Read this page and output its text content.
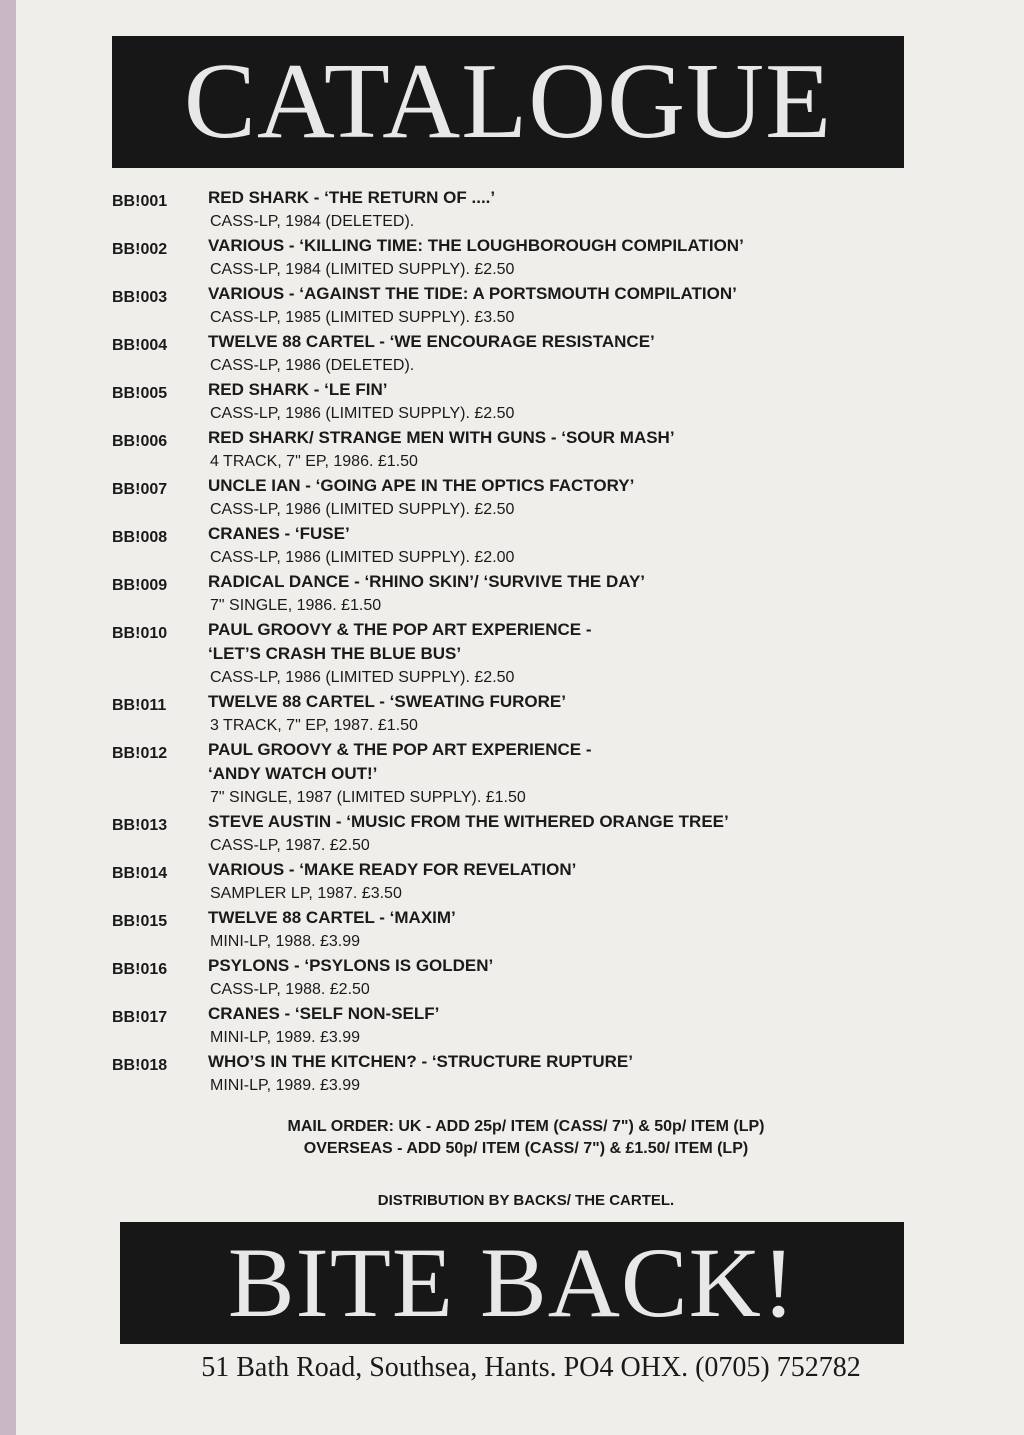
CATALOGUE
BB!001	RED SHARK - ‘THE RETURN OF ....’
CASS-LP, 1984 (DELETED).
BB!002	VARIOUS - ‘KILLING TIME: THE LOUGHBOROUGH COMPILATION’
CASS-LP, 1984 (LIMITED SUPPLY). £2.50
BB!003	VARIOUS - ‘AGAINST THE TIDE: A PORTSMOUTH COMPILATION’
CASS-LP, 1985 (LIMITED SUPPLY). £3.50
BB!004	TWELVE 88 CARTEL - ‘WE ENCOURAGE RESISTANCE’
CASS-LP, 1986 (DELETED).
BB!005	RED SHARK - ‘LE FIN’
CASS-LP, 1986 (LIMITED SUPPLY). £2.50
BB!006	RED SHARK/ STRANGE MEN WITH GUNS - ‘SOUR MASH’
4 TRACK, 7" EP, 1986. £1.50
BB!007	UNCLE IAN - ‘GOING APE IN THE OPTICS FACTORY’
CASS-LP, 1986 (LIMITED SUPPLY). £2.50
BB!008	CRANES - ‘FUSE’
CASS-LP, 1986 (LIMITED SUPPLY). £2.00
BB!009	RADICAL DANCE - ‘RHINO SKIN’/ ‘SURVIVE THE DAY’
7" SINGLE, 1986. £1.50
BB!010	PAUL GROOVY & THE POP ART EXPERIENCE -
‘LET’S CRASH THE BLUE BUS’
CASS-LP, 1986 (LIMITED SUPPLY). £2.50
BB!011	TWELVE 88 CARTEL - ‘SWEATING FURORE’
3 TRACK, 7" EP, 1987. £1.50
BB!012	PAUL GROOVY & THE POP ART EXPERIENCE -
‘ANDY WATCH OUT!’
7" SINGLE, 1987 (LIMITED SUPPLY). £1.50
BB!013	STEVE AUSTIN - ‘MUSIC FROM THE WITHERED ORANGE TREE’
CASS-LP, 1987. £2.50
BB!014	VARIOUS - ‘MAKE READY FOR REVELATION’
SAMPLER LP, 1987. £3.50
BB!015	TWELVE 88 CARTEL - ‘MAXIM’
MINI-LP, 1988. £3.99
BB!016	PSYLONS - ‘PSYLONS IS GOLDEN’
CASS-LP, 1988. £2.50
BB!017	CRANES - ‘SELF NON-SELF’
MINI-LP, 1989. £3.99
BB!018	WHO’S IN THE KITCHEN? - ‘STRUCTURE RUPTURE’
MINI-LP, 1989. £3.99
MAIL ORDER: UK - ADD 25p/ ITEM (CASS/ 7") & 50p/ ITEM (LP)
OVERSEAS - ADD 50p/ ITEM (CASS/ 7") & £1.50/ ITEM (LP)
DISTRIBUTION BY BACKS/ THE CARTEL.
BITE BACK!
51 Bath Road, Southsea, Hants. PO4 OHX. (0705) 752782
